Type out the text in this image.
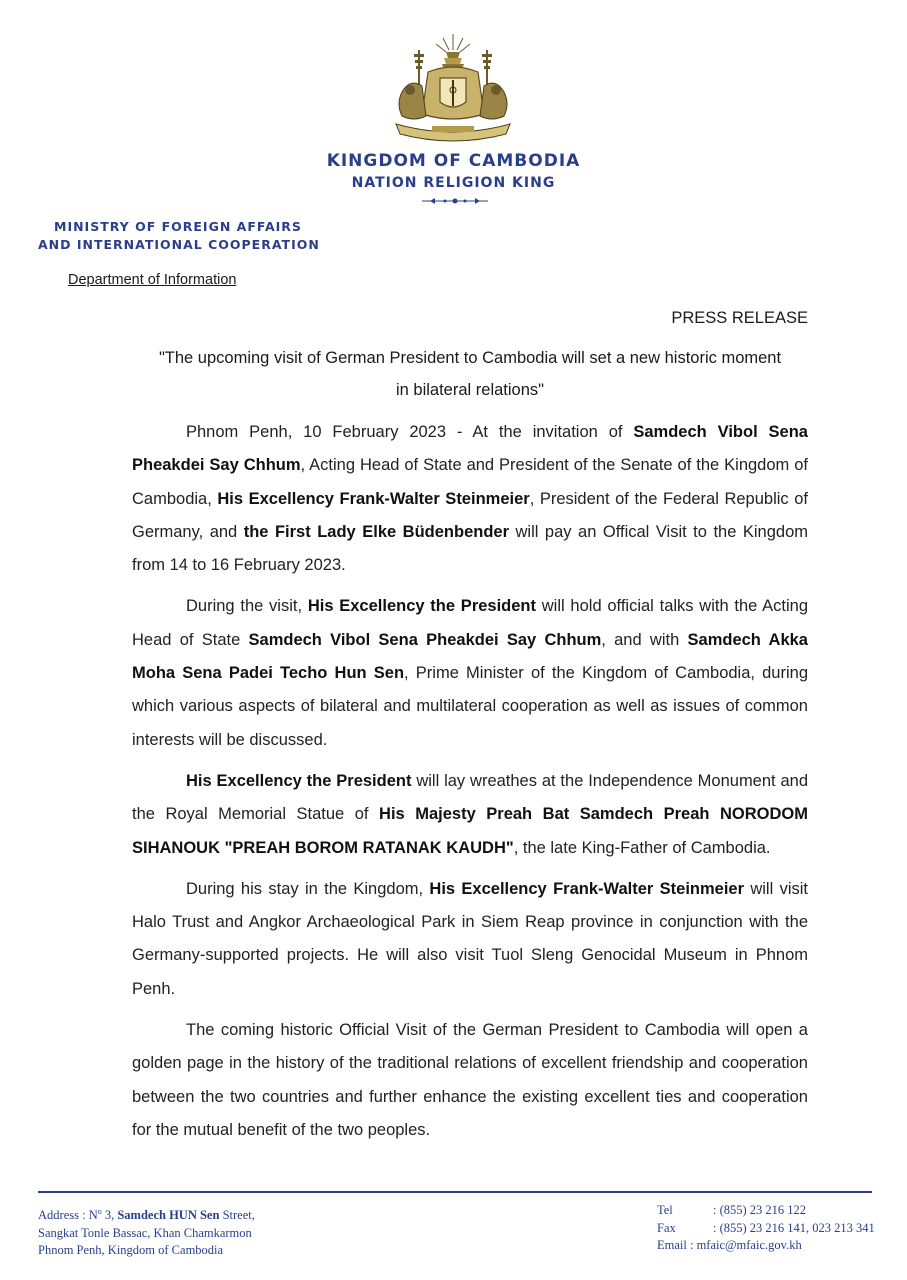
KINGDOM OF CAMBODIA
NATION RELIGION KING
MINISTRY OF FOREIGN AFFAIRS
AND INTERNATIONAL COOPERATION
Department of Information
PRESS RELEASE
"The upcoming visit of German President to Cambodia will set a new historic moment
in bilateral relations"

Phnom Penh, 10 February 2023 - At the invitation of Samdech Vibol Sena Pheakdei Say Chhum, Acting Head of State and President of the Senate of the Kingdom of Cambodia, His Excellency Frank-Walter Steinmeier, President of the Federal Republic of Germany, and the First Lady Elke Büdenbender will pay an Offical Visit to the Kingdom from 14 to 16 February 2023.

During the visit, His Excellency the President will hold official talks with the Acting Head of State Samdech Vibol Sena Pheakdei Say Chhum, and with Samdech Akka Moha Sena Padei Techo Hun Sen, Prime Minister of the Kingdom of Cambodia, during which various aspects of bilateral and multilateral cooperation as well as issues of common interests will be discussed.

His Excellency the President will lay wreathes at the Independence Monument and the Royal Memorial Statue of His Majesty Preah Bat Samdech Preah NORODOM SIHANOUK "PREAH BOROM RATANAK KAUDH", the late King-Father of Cambodia.

During his stay in the Kingdom, His Excellency Frank-Walter Steinmeier will visit Halo Trust and Angkor Archaeological Park in Siem Reap province in conjunction with the Germany-supported projects. He will also visit Tuol Sleng Genocidal Museum in Phnom Penh.

The coming historic Official Visit of the German President to Cambodia will open a golden page in the history of the traditional relations of excellent friendship and cooperation between the two countries and further enhance the existing excellent ties and cooperation for the mutual benefit of the two peoples.

Address : $N^o$ 3, Samdech HUN Sen Street,
Sangkat Tonle Bassac, Khan Chamkarmon
Phnom Penh, Kingdom of Cambodia
Tel	: (855) 23 216 122
Fax	: (855) 23 216 141, 023 213 341
Email : mfaic@mfaic.gov.kh
